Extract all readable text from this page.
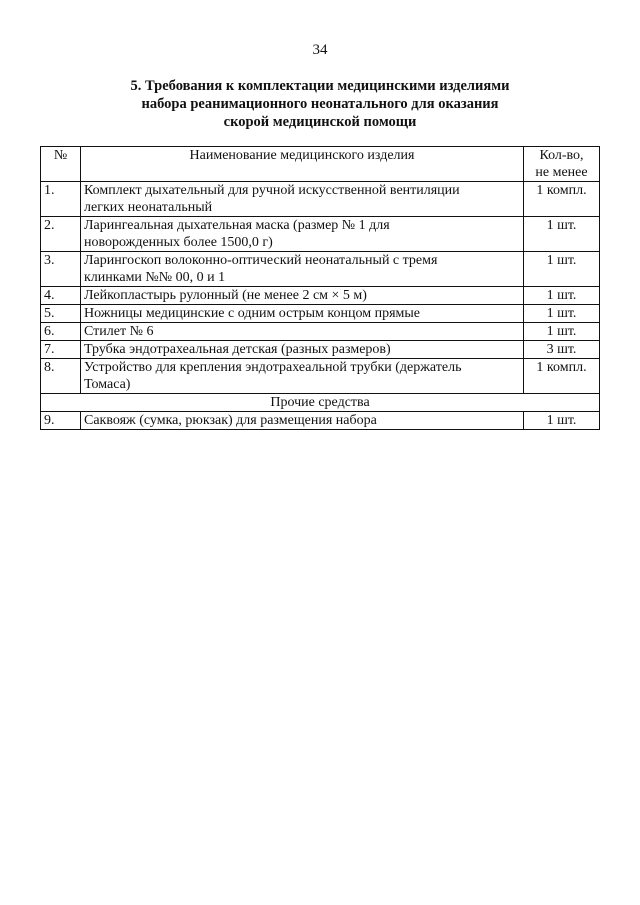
34
5. Требования к комплектации медицинскими изделиями
набора реанимационного неонатального для оказания
скорой медицинской помощи
№	Наименование медицинского изделия	Кол-во,
не менее

1.	Комплект дыхательный для ручной искусственной вентиляции
легких неонатальный	1 компл.
2.	Ларингеальная дыхательная маска (размер № 1 для
новорожденных более 1500,0 г)	1 шт.
3.	Ларингоскоп волоконно-оптический неонатальный с тремя
клинками №№ 00, 0 и 1	1 шт.
4.	Лейкопластырь рулонный (не менее 2 см × 5 м)	1 шт.
5.	Ножницы медицинские с одним острым концом прямые	1 шт.
6.	Стилет № 6	1 шт.
7.	Трубка эндотрахеальная детская (разных размеров)	3 шт.
8.	Устройство для крепления эндотрахеальной трубки (держатель
Томаса)	1 компл.
Прочие средства		
9.	Саквояж (сумка, рюкзак) для размещения набора	1 шт.
